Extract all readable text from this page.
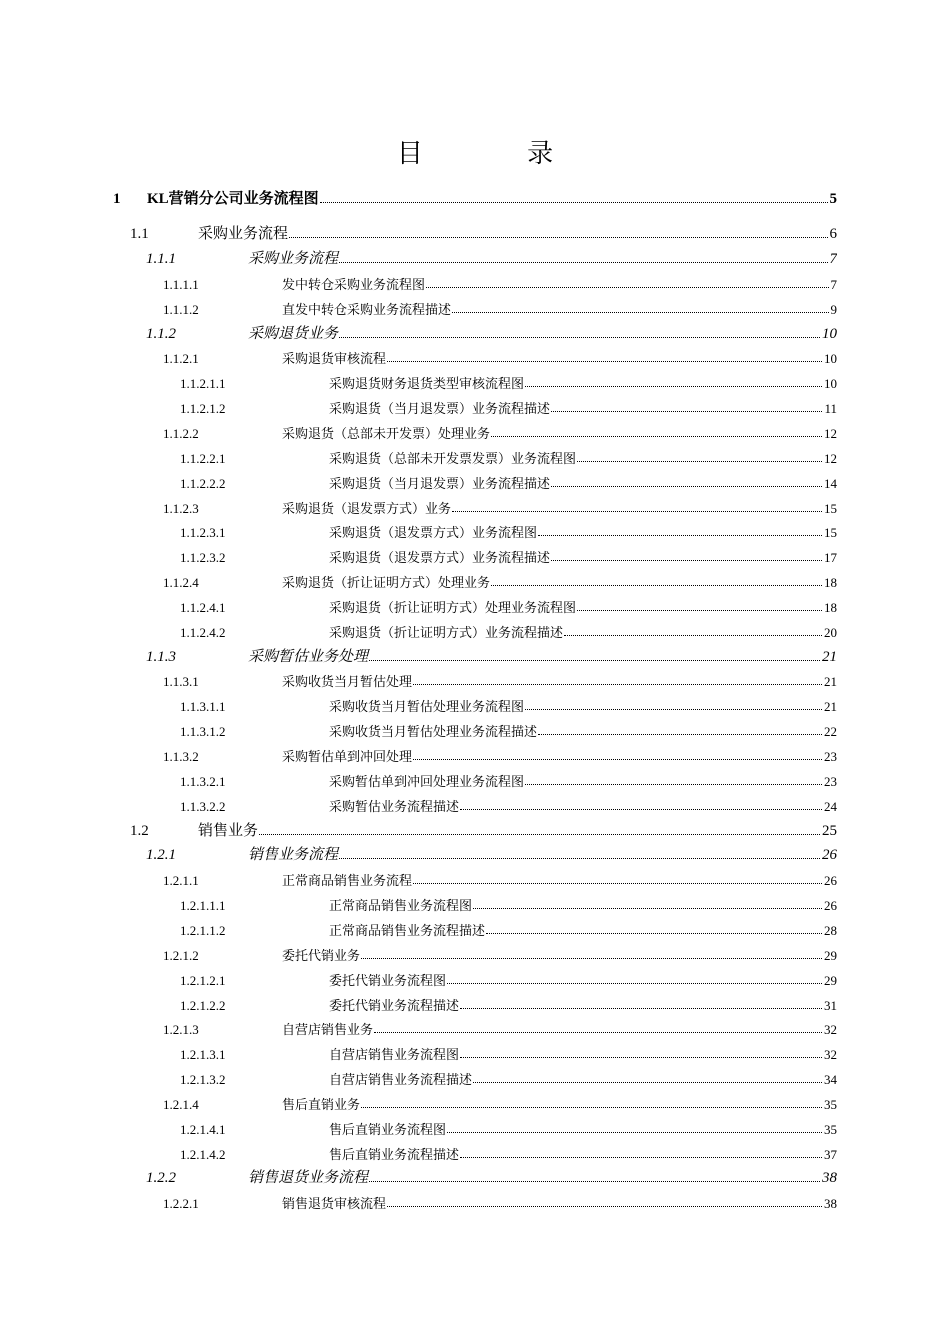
目 录
1	KL营销分公司业务流程图	5
1.1	采购业务流程	6
1.1.1	采购业务流程	7
1.1.1.1	发中转仓采购业务流程图	7
1.1.1.2	直发中转仓采购业务流程描述	9
1.1.2	采购退货业务	10
1.1.2.1	采购退货审核流程	10
1.1.2.1.1	采购退货财务退货类型审核流程图	10
1.1.2.1.2	采购退货（当月退发票）业务流程描述	11
1.1.2.2	采购退货（总部未开发票）处理业务	12
1.1.2.2.1	采购退货（总部未开发票发票）业务流程图	12
1.1.2.2.2	采购退货（当月退发票）业务流程描述	14
1.1.2.3	采购退货（退发票方式）业务	15
1.1.2.3.1	采购退货（退发票方式）业务流程图	15
1.1.2.3.2	采购退货（退发票方式）业务流程描述	17
1.1.2.4	采购退货（折让证明方式）处理业务	18
1.1.2.4.1	采购退货（折让证明方式）处理业务流程图	18
1.1.2.4.2	采购退货（折让证明方式）业务流程描述	20
1.1.3	采购暂估业务处理	21
1.1.3.1	采购收货当月暂估处理	21
1.1.3.1.1	采购收货当月暂估处理业务流程图	21
1.1.3.1.2	采购收货当月暂估处理业务流程描述	22
1.1.3.2	采购暂估单到冲回处理	23
1.1.3.2.1	采购暂估单到冲回处理业务流程图	23
1.1.3.2.2	采购暂估业务流程描述	24
1.2	销售业务	25
1.2.1	销售业务流程	26
1.2.1.1	正常商品销售业务流程	26
1.2.1.1.1	正常商品销售业务流程图	26
1.2.1.1.2	正常商品销售业务流程描述	28
1.2.1.2	委托代销业务	29
1.2.1.2.1	委托代销业务流程图	29
1.2.1.2.2	委托代销业务流程描述	31
1.2.1.3	自营店销售业务	32
1.2.1.3.1	自营店销售业务流程图	32
1.2.1.3.2	自营店销售业务流程描述	34
1.2.1.4	售后直销业务	35
1.2.1.4.1	售后直销业务流程图	35
1.2.1.4.2	售后直销业务流程描述	37
1.2.2	销售退货业务流程	38
1.2.2.1	销售退货审核流程	38
